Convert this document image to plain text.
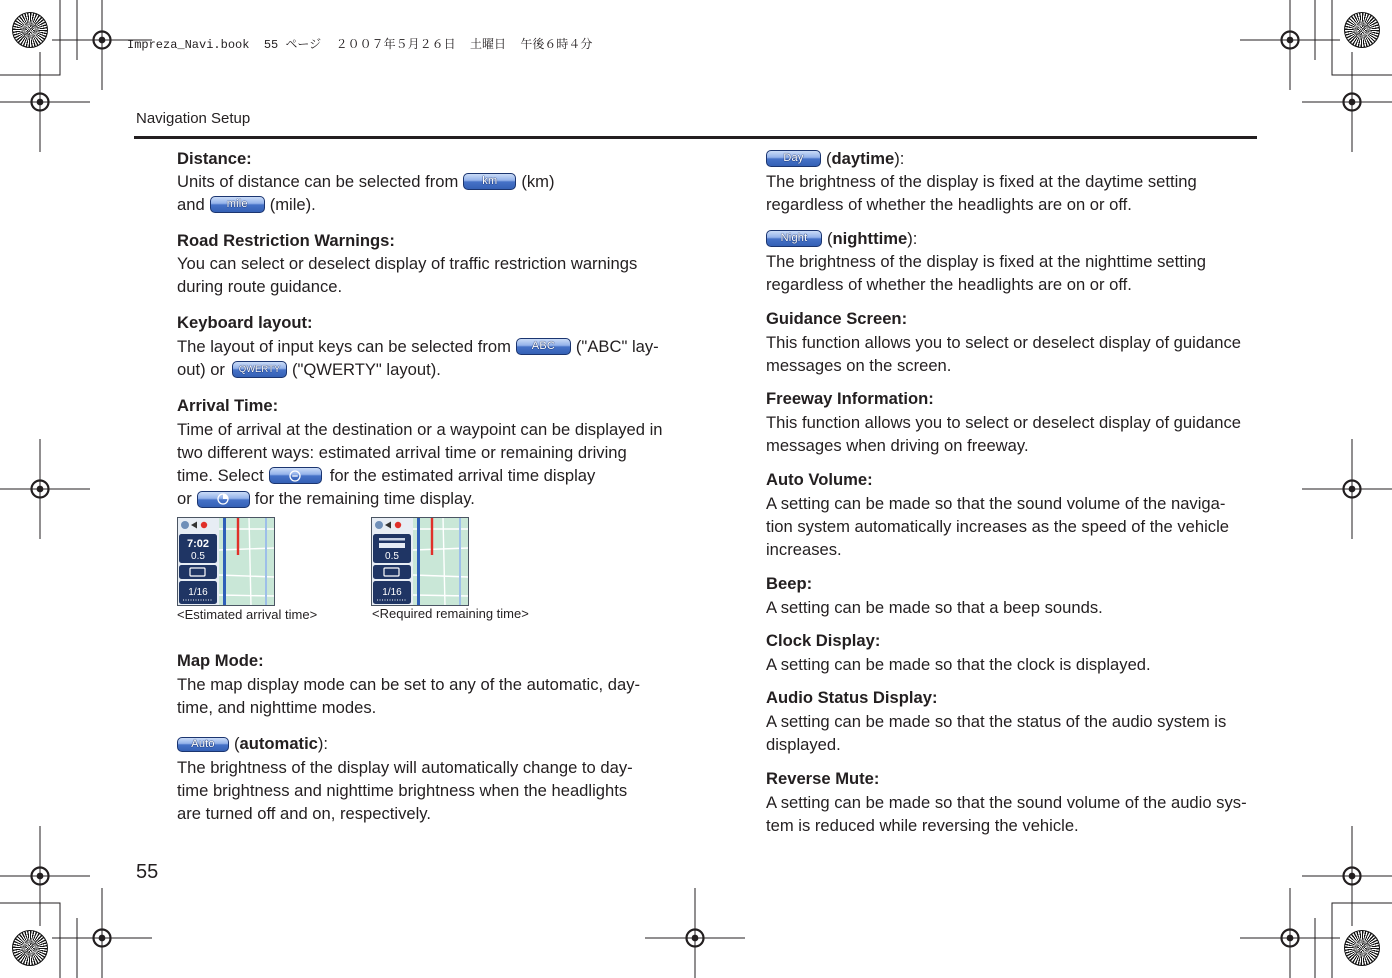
Impreza_Navi.book  55 ページ  ２００７年５月２６日  土曜日  午後６時４分
Navigation Setup
Distance:
Units of distance can be selected from	km	(km)
and	mile	(mile).
Road Restriction Warnings:
You can select or deselect display of traffic restriction warnings
during route guidance.
Keyboard layout:
The layout of input keys can be selected from	ABC	("ABC" lay-
out) or	QWERTY ("QWERTY" layout).
Arrival Time:
Time of arrival at the destination or a waypoint can be displayed in
two different ways: estimated arrival time or remaining driving
time. Select	for the estimated arrival time display
or	for the remaining time display.
7:02
0.5
1/16
0.5
1/16
<Estimated arrival time>	<Required remaining time>
Map Mode:
The map display mode can be set to any of the automatic, day-
time, and nighttime modes.
Auto	(automatic):
The brightness of the display will automatically change to day-
time brightness and nighttime brightness when the headlights
are turned off and on, respectively.
Day	(daytime):
The brightness of the display is fixed at the daytime setting
regardless of whether the headlights are on or off.
Night	(nighttime):
The brightness of the display is fixed at the nighttime setting
regardless of whether the headlights are on or off.
Guidance Screen:
This function allows you to select or deselect display of guidance
messages on the screen.
Freeway Information:
This function allows you to select or deselect display of guidance
messages when driving on freeway.
Auto Volume:
A setting can be made so that the sound volume of the naviga-
tion system automatically increases as the speed of the vehicle
increases.
Beep:
A setting can be made so that a beep sounds.
Clock Display:
A setting can be made so that the clock is displayed.
Audio Status Display:
A setting can be made so that the status of the audio system is
displayed.
Reverse Mute:
A setting can be made so that the sound volume of the audio sys-
tem is reduced while reversing the vehicle.
55
